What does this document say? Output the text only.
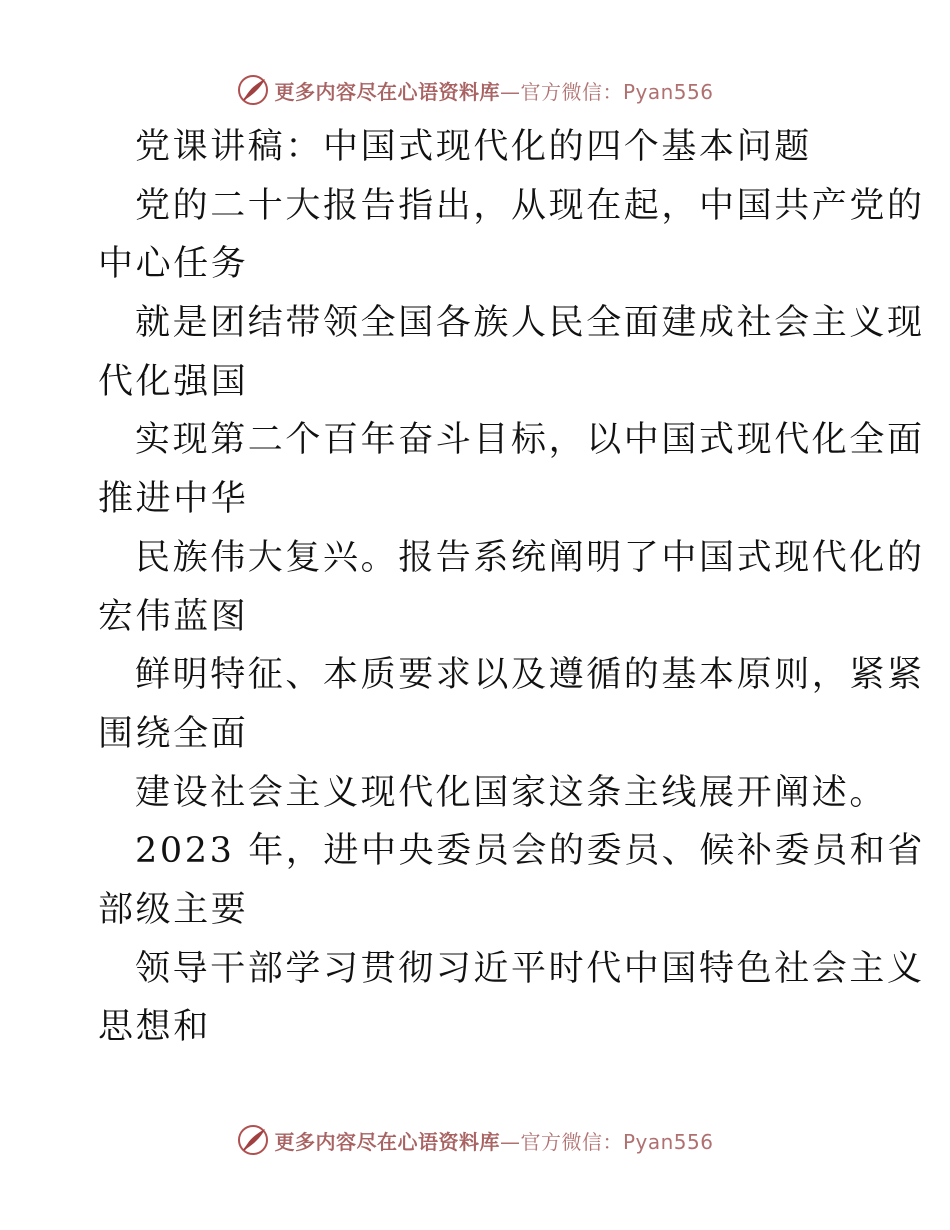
更多内容尽在心语资料库—官方微信：Pyan556
党课讲稿：中国式现代化的四个基本问题
党的二十大报告指出，从现在起，中国共产党的
中心任务
就是团结带领全国各族人民全面建成社会主义现
代化强国
实现第二个百年奋斗目标，以中国式现代化全面
推进中华
民族伟大复兴。报告系统阐明了中国式现代化的
宏伟蓝图
鲜明特征、本质要求以及遵循的基本原则，紧紧
围绕全面
建设社会主义现代化国家这条主线展开阐述。
2023 年，进中央委员会的委员、候补委员和省
部级主要
领导干部学习贯彻习近平时代中国特色社会主义
思想和
更多内容尽在心语资料库—官方微信：Pyan556
